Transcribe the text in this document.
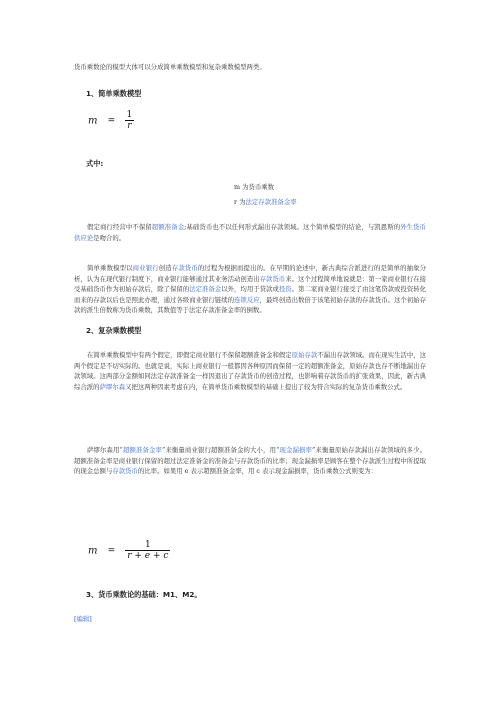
货币乘数论的模型大体可以分成简单乘数模型和复杂乘数模型两类。

1、简单乘数模型

$m = \frac{1}{r}$

式中:

m 为货币乘数
r 为法定存款准备金率

假定商行经营中不保留超额准备金;基础货币也不以任何形式漏出存款领域。这个简单模型的结论，与凯恩斯的外生货币供应论是吻合的。

简单乘数模型以商业银行创造存款货币的过程为根据而提出的。在早期的论述中，新古典综合派进行的是简单的抽象分析，认为在现代银行制度下，商业银行能够通过其业务活动创造出存款货币来。这个过程简单地说就是：第一家商业银行在接受基础货币作为初始存款后，除了保留的法定准备金以外，均用于贷款或投资。第二家商业银行接受了由这笔贷款或投资转化而来的存款以后也是照此办理，通过各级商业银行链续的连锁反应，最终创造出数倍于该笔初始存款的存款货币。这个初始存款的派生倍数称为货币乘数，其数值等于法定存款准备金率的倒数。

2、复杂乘数模型

在简单乘数模型中有两个假定，即假定商业银行不保留超额准备金和假定原始存款不漏出存款领域。而在现实生活中，这两个假定是不切实际的。也就是说，实际上商业银行一般都因各种原因而保留一定的超额准备金，原始存款也存不断地漏出存款领域。这两部分金额如同法定存款准备金一样因退出了存款货币的创造过程，也影响着存款货币的扩张效果，因此，新古典综合派的萨缪尔森又把这两种因素考虑在内，在简单货币乘数模型的基础上提出了较为符合实际的复杂货币乘数公式。

萨缪尔森用“超额准备金率”来衡量商业银行超额准备金的大小，用“现金漏损率”来衡量原始存款漏出存款领域的多少。超额准备金率是商业银行保留的超过法定准备金的准备金与存款货币的比率；现金漏损率是顾客在整个存款派生过程中所提取的现金总额与存款货币的比率。如果用 e 表示超额准备金率，用 c 表示现金漏损率，货币乘数公式则变为：

$m = \frac{1}{r + e + c}$

3、货币乘数论的基础：M1、M2。

[编辑]
